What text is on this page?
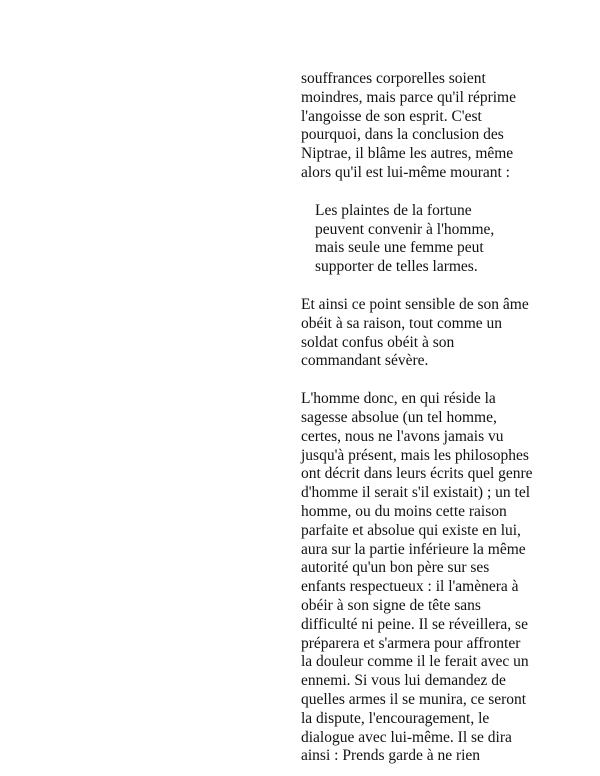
souffrances corporelles soient
moindres, mais parce qu'il réprime
l'angoisse de son esprit. C'est
pourquoi, dans la conclusion des
Niptrae, il blâme les autres, même
alors qu'il est lui-même mourant :
Les plaintes de la fortune
peuvent convenir à l'homme,
mais seule une femme peut
supporter de telles larmes.
Et ainsi ce point sensible de son âme
obéit à sa raison, tout comme un
soldat confus obéit à son
commandant sévère.
L'homme donc, en qui réside la
sagesse absolue (un tel homme,
certes, nous ne l'avons jamais vu
jusqu'à présent, mais les philosophes
ont décrit dans leurs écrits quel genre
d'homme il serait s'il existait) ; un tel
homme, ou du moins cette raison
parfaite et absolue qui existe en lui,
aura sur la partie inférieure la même
autorité qu'un bon père sur ses
enfants respectueux : il l'amènera à
obéir à son signe de tête sans
difficulté ni peine. Il se réveillera, se
préparera et s'armera pour affronter
la douleur comme il le ferait avec un
ennemi. Si vous lui demandez de
quelles armes il se munira, ce seront
la dispute, l'encouragement, le
dialogue avec lui-même. Il se dira
ainsi : Prends garde à ne rien
